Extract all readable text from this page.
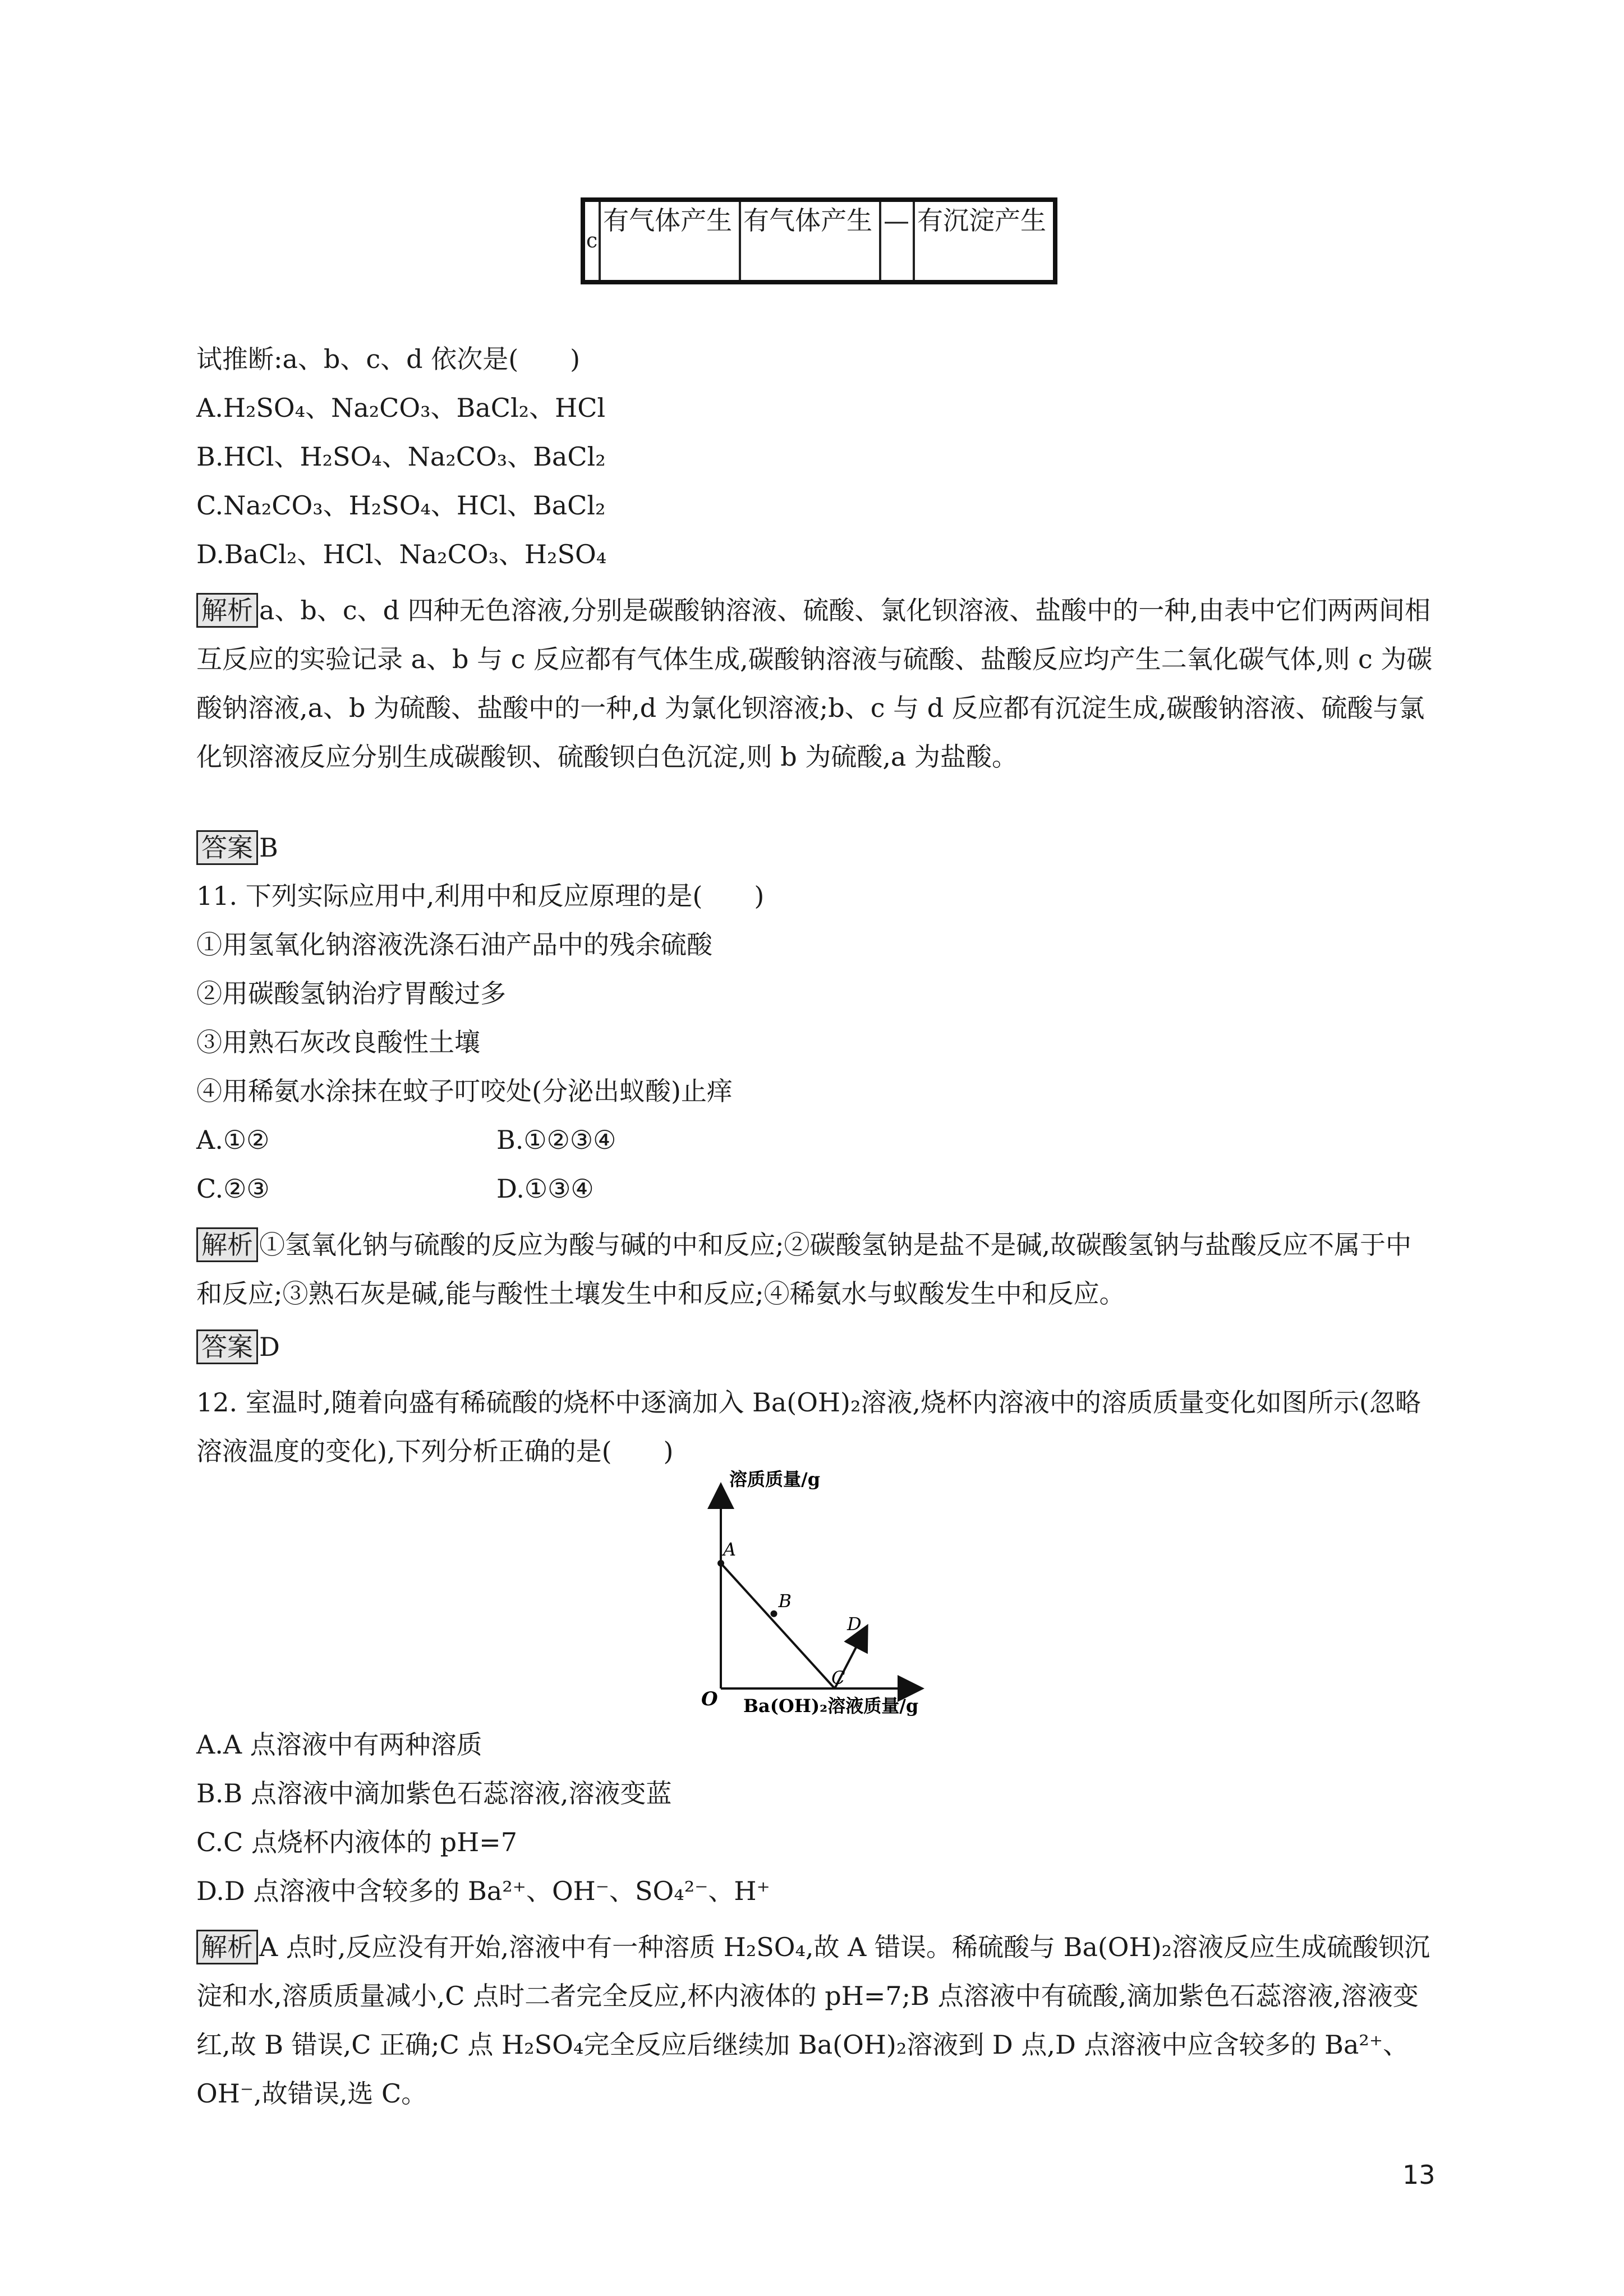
c	有气体产生	有气体产生	—	有沉淀产生
试推断:a、b、c、d 依次是(　　)
A.H₂SO₄、Na₂CO₃、BaCl₂、HCl
B.HCl、H₂SO₄、Na₂CO₃、BaCl₂
C.Na₂CO₃、H₂SO₄、HCl、BaCl₂
D.BaCl₂、HCl、Na₂CO₃、H₂SO₄
解析 a、b、c、d 四种无色溶液,分别是碳酸钠溶液、硫酸、氯化钡溶液、盐酸中的一种,由表中它们两两间相互反应的实验记录 a、b 与 c 反应都有气体生成,碳酸钠溶液与硫酸、盐酸反应均产生二氧化碳气体,则 c 为碳酸钠溶液,a、b 为硫酸、盐酸中的一种,d 为氯化钡溶液;b、c 与 d 反应都有沉淀生成,碳酸钠溶液、硫酸与氯化钡溶液反应分别生成碳酸钡、硫酸钡白色沉淀,则 b 为硫酸,a 为盐酸。
答案 B
11. 下列实际应用中,利用中和反应原理的是(　　)
①用氢氧化钠溶液洗涤石油产品中的残余硫酸
②用碳酸氢钠治疗胃酸过多
③用熟石灰改良酸性土壤
④用稀氨水涂抹在蚊子叮咬处(分泌出蚁酸)止痒
A.①②	B.①②③④
C.②③	D.①③④
解析 ①氢氧化钠与硫酸的反应为酸与碱的中和反应;②碳酸氢钠是盐不是碱,故碳酸氢钠与盐酸反应不属于中和反应;③熟石灰是碱,能与酸性土壤发生中和反应;④稀氨水与蚁酸发生中和反应。
答案 D
12. 室温时,随着向盛有稀硫酸的烧杯中逐滴加入 Ba(OH)₂溶液,烧杯内溶液中的溶质质量变化如图所示(忽略溶液温度的变化),下列分析正确的是(　　)
溶质质量/g
Ba(OH)₂溶液质量/g
O
A
B
C
D
A.A 点溶液中有两种溶质
B.B 点溶液中滴加紫色石蕊溶液,溶液变蓝
C.C 点烧杯内液体的 pH=7
D.D 点溶液中含较多的 Ba²⁺、OH⁻、SO₄²⁻、H⁺
解析 A 点时,反应没有开始,溶液中有一种溶质 H₂SO₄,故 A 错误。稀硫酸与 Ba(OH)₂溶液反应生成硫酸钡沉淀和水,溶质质量减小,C 点时二者完全反应,杯内液体的 pH=7;B 点溶液中有硫酸,滴加紫色石蕊溶液,溶液变红,故 B 错误,C 正确;C 点 H₂SO₄完全反应后继续加 Ba(OH)₂溶液到 D 点,D 点溶液中应含较多的 Ba²⁺、OH⁻,故错误,选 C。
13
